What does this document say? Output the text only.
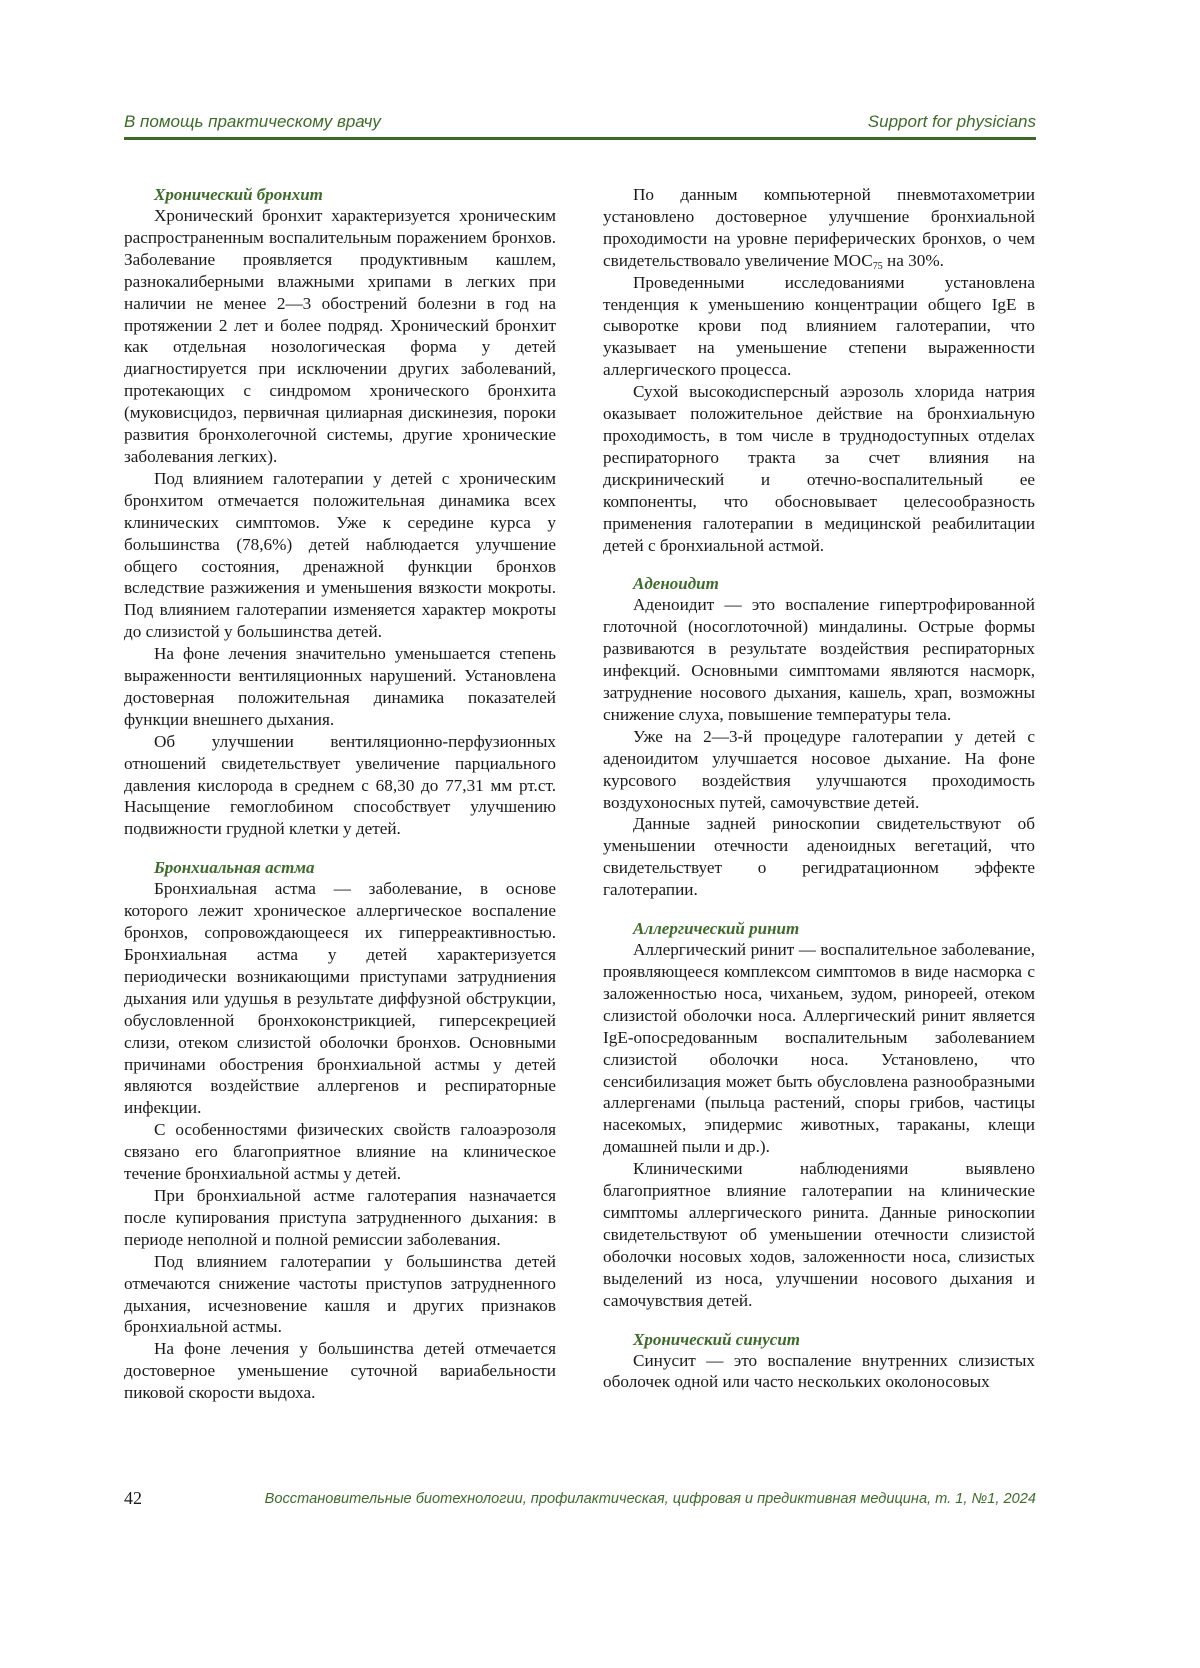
В помощь практическому врачу	Support for physicians
Хронический бронхит

Хронический бронхит характеризуется хроническим распространенным воспалительным поражением бронхов. Заболевание проявляется продуктивным кашлем, разнокалиберными влажными хрипами в легких при наличии не менее 2—3 обострений болезни в год на протяжении 2 лет и более подряд. Хронический бронхит как отдельная нозологическая форма у детей диагностируется при исключении других заболеваний, протекающих с синдромом хронического бронхита (муковисцидоз, первичная цилиарная дискинезия, пороки развития бронхолегочной системы, другие хронические заболевания легких).

Под влиянием галотерапии у детей с хроническим бронхитом отмечается положительная динамика всех клинических симптомов. Уже к середине курса у большинства (78,6%) детей наблюдается улучшение общего состояния, дренажной функции бронхов вследствие разжижения и уменьшения вязкости мокроты. Под влиянием галотерапии изменяется характер мокроты до слизистой у большинства детей.

На фоне лечения значительно уменьшается степень выраженности вентиляционных нарушений. Установлена достоверная положительная динамика показателей функции внешнего дыхания.

Об улучшении вентиляционно-перфузионных отношений свидетельствует увеличение парциального давления кислорода в среднем с 68,30 до 77,31 мм рт.ст. Насыщение гемоглобином способствует улучшению подвижности грудной клетки у детей.

Бронхиальная астма

Бронхиальная астма — заболевание, в основе которого лежит хроническое аллергическое воспаление бронхов, сопровождающееся их гиперреактивностью. Бронхиальная астма у детей характеризуется периодически возникающими приступами затрудниения дыхания или удушья в результате диффузной обструкции, обусловленной бронхоконстрикцией, гиперсекрецией слизи, отеком слизистой оболочки бронхов. Основными причинами обострения бронхиальной астмы у детей являются воздействие аллергенов и респираторные инфекции.

С особенностями физических свойств галоаэрозоля связано его благоприятное влияние на клиническое течение бронхиальной астмы у детей.

При бронхиальной астме галотерапия назначается после купирования приступа затрудненного дыхания: в периоде неполной и полной ремиссии заболевания.

Под влиянием галотерапии у большинства детей отмечаются снижение частоты приступов затрудненного дыхания, исчезновение кашля и других признаков бронхиальной астмы.

На фоне лечения у большинства детей отмечается достоверное уменьшение суточной вариабельности пиковой скорости выдоха.

По данным компьютерной пневмотахометрии установлено достоверное улучшение бронхиальной проходимости на уровне периферических бронхов, о чем свидетельствовало увеличение $МОС_{75}$ на 30%.

Проведенными исследованиями установлена тенденция к уменьшению концентрации общего IgE в сыворотке крови под влиянием галотерапии, что указывает на уменьшение степени выраженности аллергического процесса.

Сухой высокодисперсный аэрозоль хлорида натрия оказывает положительное действие на бронхиальную проходимость, в том числе в труднодоступных отделах респираторного тракта за счет влияния на дискринический и отечно-воспалительный ее компоненты, что обосновывает целесообразность применения галотерапии в медицинской реабилитации детей с бронхиальной астмой.

Аденоидит

Аденоидит — это воспаление гипертрофированной глоточной (носоглоточной) миндалины. Острые формы развиваются в результате воздействия респираторных инфекций. Основными симптомами являются насморк, затруднение носового дыхания, кашель, храп, возможны снижение слуха, повышение температуры тела.

Уже на 2—3-й процедуре галотерапии у детей с аденоидитом улучшается носовое дыхание. На фоне курсового воздействия улучшаются проходимость воздухоносных путей, самочувствие детей.

Данные задней риноскопии свидетельствуют об уменьшении отечности аденоидных вегетаций, что свидетельствует о регидратационном эффекте галотерапии.

Аллергический ринит

Аллергический ринит — воспалительное заболевание, проявляющееся комплексом симптомов в виде насморка с заложенностью носа, чиханьем, зудом, ринореей, отеком слизистой оболочки носа. Аллергический ринит является IgE-опосредованным воспалительным заболеванием слизистой оболочки носа. Установлено, что сенсибилизация может быть обусловлена разнообразными аллергенами (пыльца растений, споры грибов, частицы насекомых, эпидермис животных, тараканы, клещи домашней пыли и др.).

Клиническими наблюдениями выявлено благоприятное влияние галотерапии на клинические симптомы аллергического ринита. Данные риноскопии свидетельствуют об уменьшении отечности слизистой оболочки носовых ходов, заложенности носа, слизистых выделений из носа, улучшении носового дыхания и самочувствия детей.

Хронический синусит

Синусит — это воспаление внутренних слизистых оболочек одной или часто нескольких околоносовых

42	Восстановительные биотехнологии, профилактическая, цифровая и предиктивная медицина, т. 1, №1, 2024
